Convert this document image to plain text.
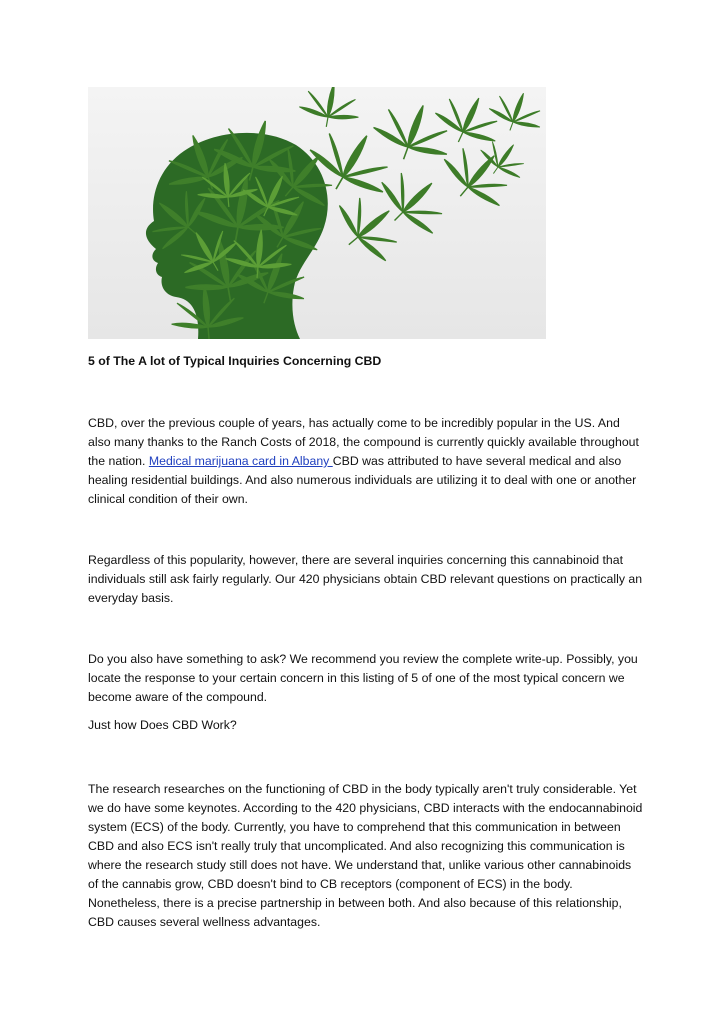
5 of The A lot of Typical Inquiries Concerning CBD

CBD, over the previous couple of years, has actually come to be incredibly popular in the US. And also many thanks to the Ranch Costs of 2018, the compound is currently quickly available throughout the nation. Medical marijuana card in Albany CBD was attributed to have several medical and also healing residential buildings. And also numerous individuals are utilizing it to deal with one or another clinical condition of their own.

Regardless of this popularity, however, there are several inquiries concerning this cannabinoid that individuals still ask fairly regularly. Our 420 physicians obtain CBD relevant questions on practically an everyday basis.

Do you also have something to ask? We recommend you review the complete write-up. Possibly, you locate the response to your certain concern in this listing of 5 of one of the most typical concern we become aware of the compound.

Just how Does CBD Work?

The research researches on the functioning of CBD in the body typically aren't truly considerable. Yet we do have some keynotes. According to the 420 physicians, CBD interacts with the endocannabinoid system (ECS) of the body. Currently, you have to comprehend that this communication in between CBD and also ECS isn't really truly that uncomplicated. And also recognizing this communication is where the research study still does not have. We understand that, unlike various other cannabinoids of the cannabis grow, CBD doesn't bind to CB receptors (component of ECS) in the body. Nonetheless, there is a precise partnership in between both. And also because of this relationship, CBD causes several wellness advantages.
